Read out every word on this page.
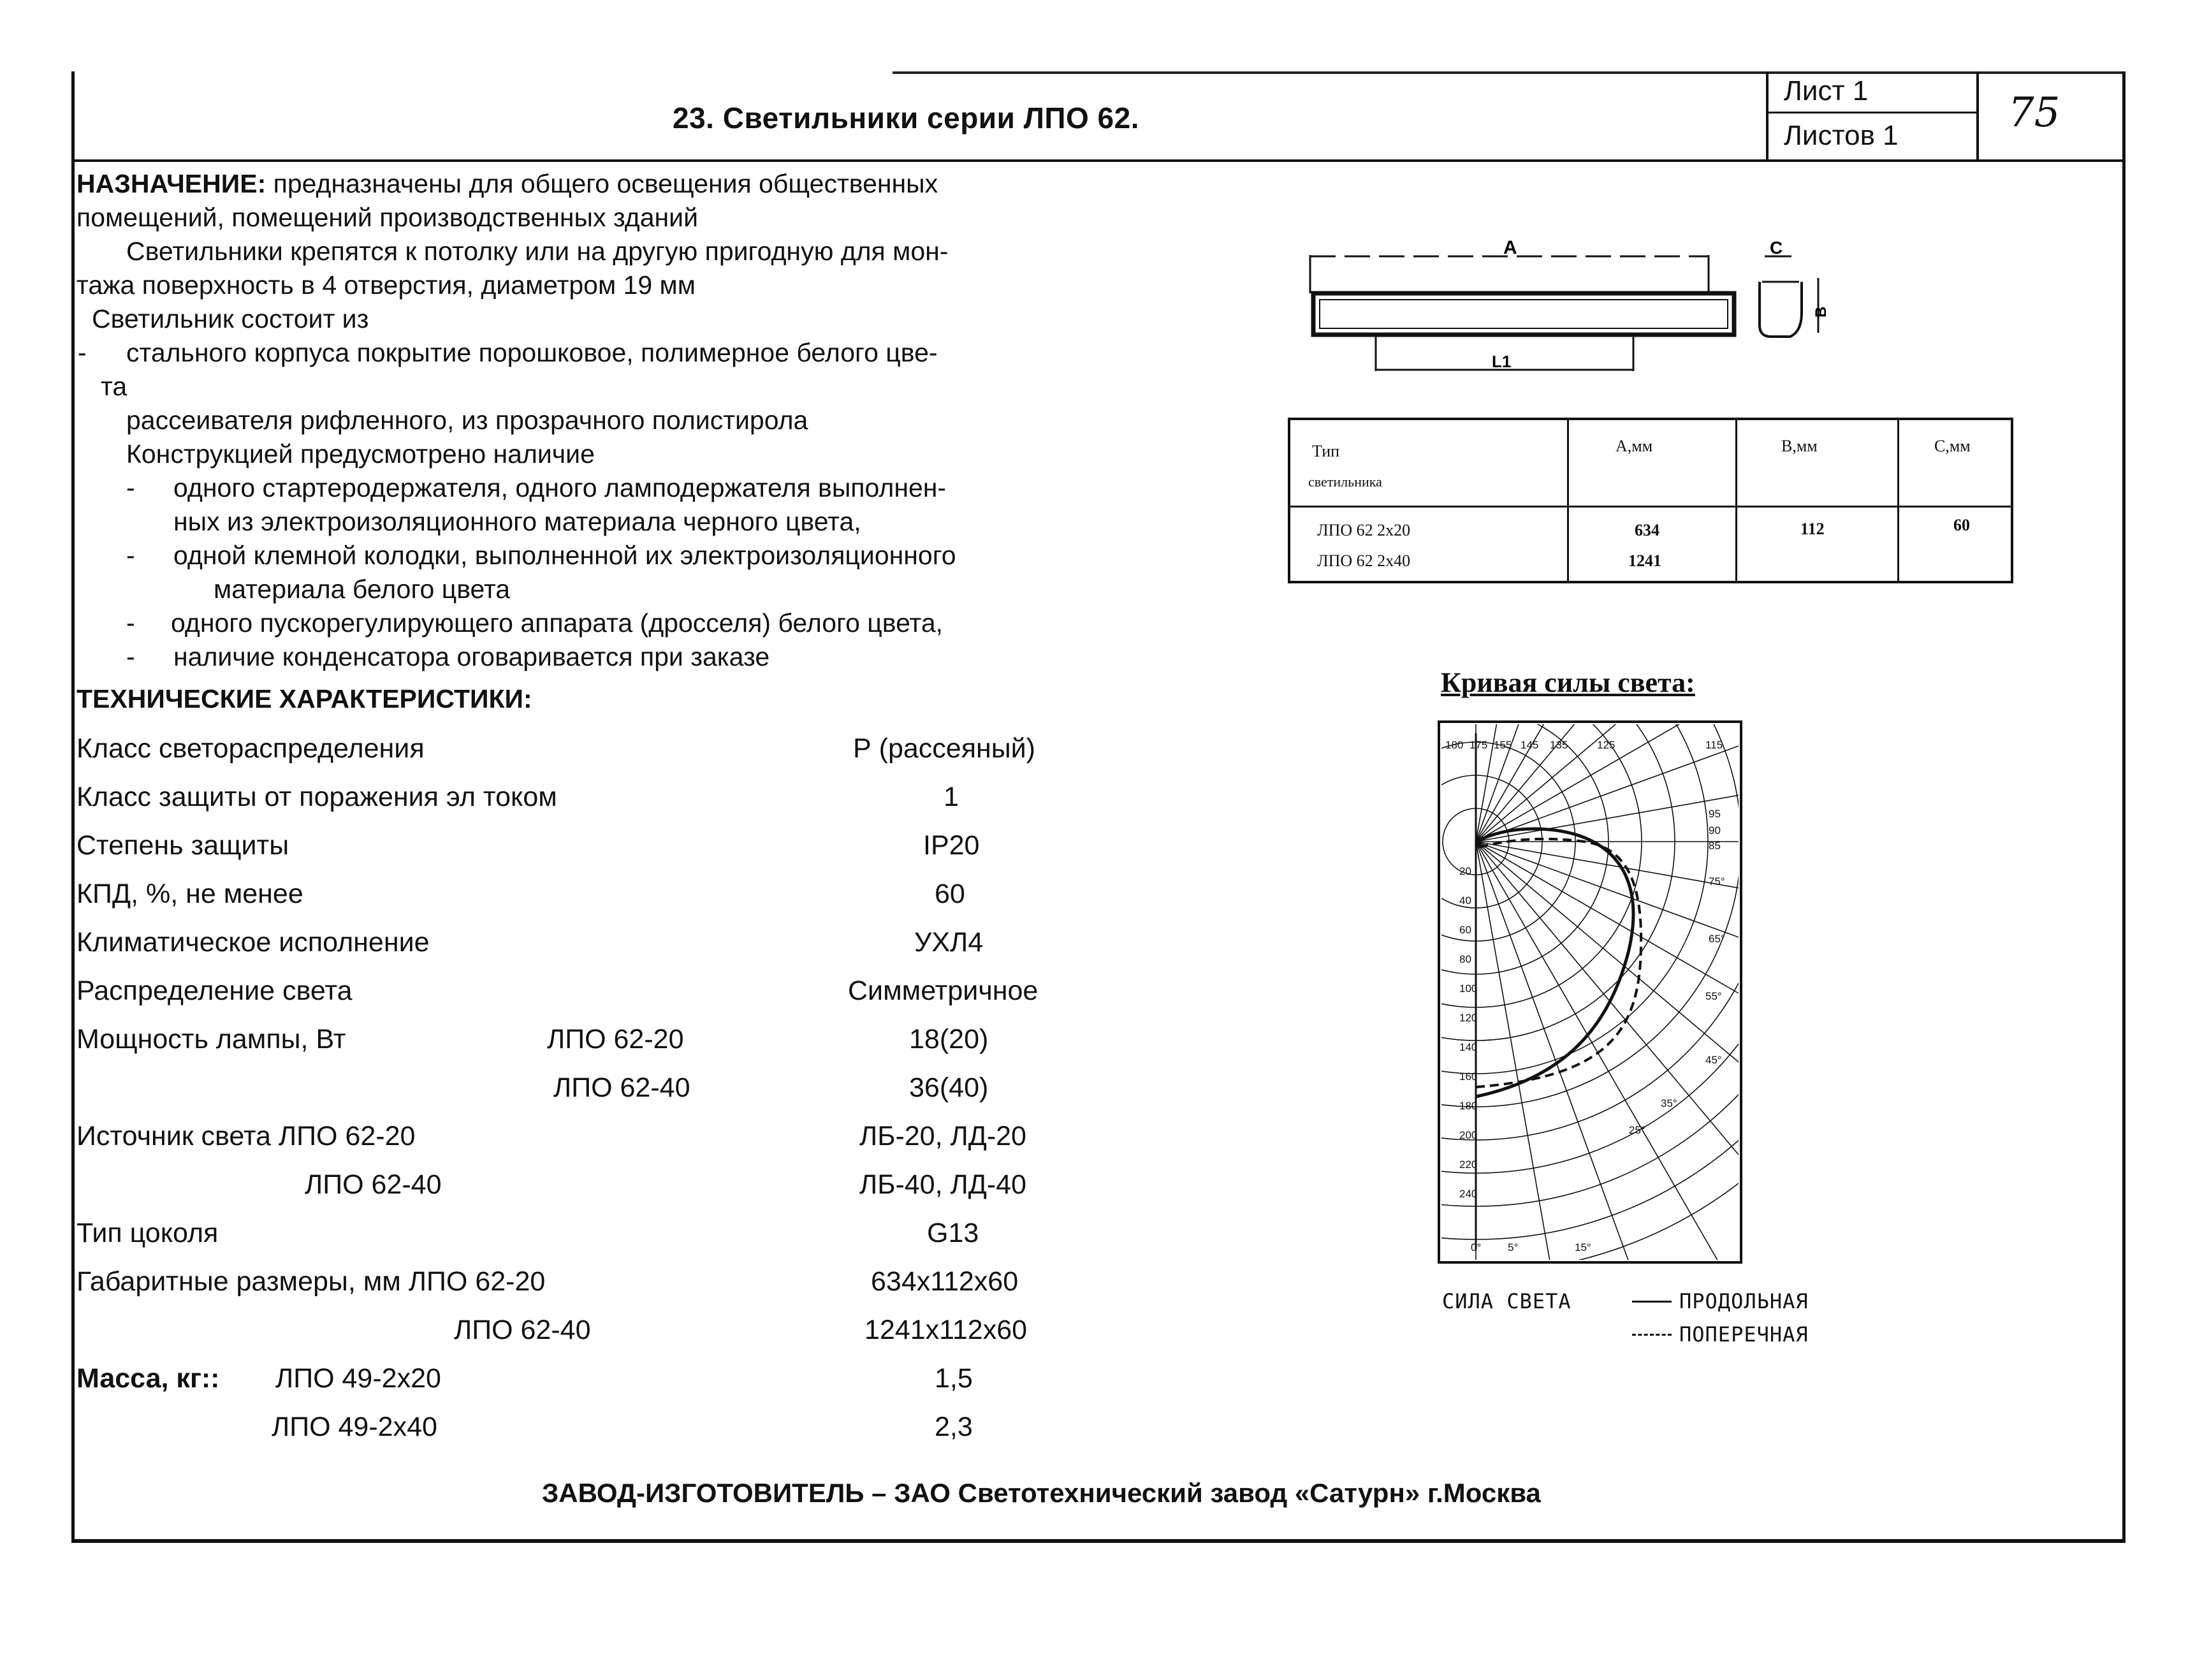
23. Светильники серии ЛПО 62.
Лист 1
Листов 1	75
НАЗНАЧЕНИЕ: предназначены для общего освещения общественных
помещений, помещений производственных зданий
Светильники крепятся к потолку или на другую пригодную для мон-
тажа поверхность в 4 отверстия, диаметром 19 мм
Светильник состоит из
- стального корпуса покрытие порошковое, полимерное белого цве-
та
рассеивателя рифленного, из прозрачного полистирола
Конструкцией предусмотрено наличие
- одного стартеродержателя, одного ламподержателя выполнен-
ных из электроизоляционного материала черного цвета,
- одной клемной колодки, выполненной их электроизоляционного
материала белого цвета
- одного пускорегулирующего аппарата (дросселя) белого цвета,
- наличие конденсатора оговаривается при заказе
ТЕХНИЧЕСКИЕ ХАРАКТЕРИСТИКИ:
Класс светораспределения	Р (рассеяный)
Класс защиты от поражения эл током	1
Степень защиты	IP20
КПД, %, не менее	60
Климатическое исполнение	УХЛ4
Распределение света	Симметричное
Мощность лампы, Вт	ЛПО 62-20	18(20)
ЛПО 62-40	36(40)
Источник света ЛПО 62-20	ЛБ-20, ЛД-20
ЛПО 62-40	ЛБ-40, ЛД-40
Тип цоколя	G13
Габаритные размеры, мм ЛПО 62-20	634x112x60
ЛПО 62-40	1241x112x60
Масса, кг:: ЛПО 49-2x20	1,5
ЛПО 49-2x40	2,3
A
L1
C
B
Тип
светильника
А,мм	В,мм	С,мм
ЛПО 62 2x20	634	112	60
ЛПО 62 2x40	1241
Кривая силы света:
180 175 155 145 135	125	115
95
90
85
75°
65°
55°
45°
35°
25°
0° 5°	15°
20
40
60
80
100
120
140
160
180
200
220
240
СИЛА СВЕТА	ПРОДОЛЬНАЯ
ПОПЕРЕЧНАЯ
ЗАВОД-ИЗГОТОВИТЕЛЬ – ЗАО Светотехнический завод «Сатурн» г.Москва
